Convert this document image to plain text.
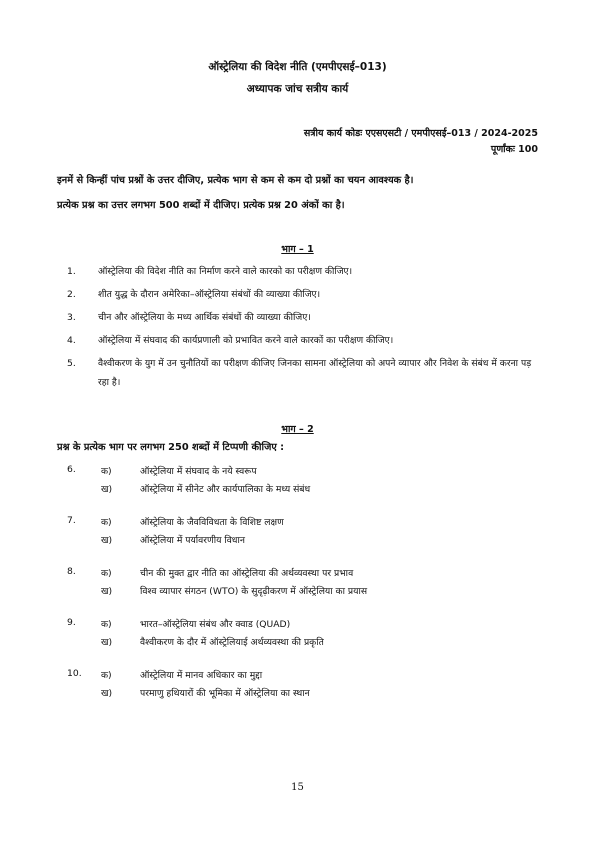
ऑस्ट्रेलिया की विदेश नीति (एमपीएसई–013)
अध्यापक जांच सत्रीय कार्य
सत्रीय कार्य कोडः एएसएसटी / एमपीएसई–013 / 2024-2025
पूर्णांकः 100
इनमें से किन्हीं पांच प्रश्नों के उत्तर दीजिए, प्रत्येक भाग से कम से कम दो प्रश्नों का चयन आवश्यक है।
प्रत्येक प्रश्न का उत्तर लगभग 500 शब्दों में दीजिए। प्रत्येक प्रश्न 20 अंकों का है।
भाग – 1
1.	ऑस्ट्रेलिया की विदेश नीति का निर्माण करने वाले कारको का परीक्षण कीजिए।
2.	शीत युद्ध के दौरान अमेरिका–ऑस्ट्रेलिया संबंधों की व्याख्या कीजिए।
3.	चीन और ऑस्ट्रेलिया के मध्य आर्थिक संबंधों की व्याख्या कीजिए।
4.	ऑस्ट्रेलिया में संघवाद की कार्यप्रणाली को प्रभावित करने वाले कारकों का परीक्षण कीजिए।
5.	वैश्वीकरण के युग में उन चुनौतियों का परीक्षण कीजिए जिनका सामना ऑस्ट्रेलिया को अपने व्यापार और निवेश के संबंध में करना पड़ रहा है।
भाग – 2
प्रश्न के प्रत्येक भाग पर लगभग 250 शब्दों में टिप्पणी कीजिए :
6.	क)	ऑस्ट्रेलिया में संघवाद के नये स्वरूप
ख)	ऑस्ट्रेलिया में सीनेट और कार्यपालिका के मध्य संबंध
7.	क)	ऑस्ट्रेलिया के जैवविविधता के विशिष्ट लक्षण
ख)	ऑस्ट्रेलिया में पर्यावरणीय विधान
8.	क)	चीन की मुक्त द्वार नीति का ऑस्ट्रेलिया की अर्थव्यवस्था पर प्रभाव
ख)	विश्व व्यापार संगठन (WTO) के सुदृढ़ीकरण में ऑस्ट्रेलिया का प्रयास
9.	क)	भारत–ऑस्ट्रेलिया संबंध और क्वाड (QUAD)
ख)	वैश्वीकरण के दौर में ऑस्ट्रेलियाई अर्थव्यवस्था की प्रकृति
10. क)	ऑस्ट्रेलिया में मानव अधिकार का मुद्दा
ख)	परमाणु हथियारों की भूमिका में ऑस्ट्रेलिया का स्थान
15
